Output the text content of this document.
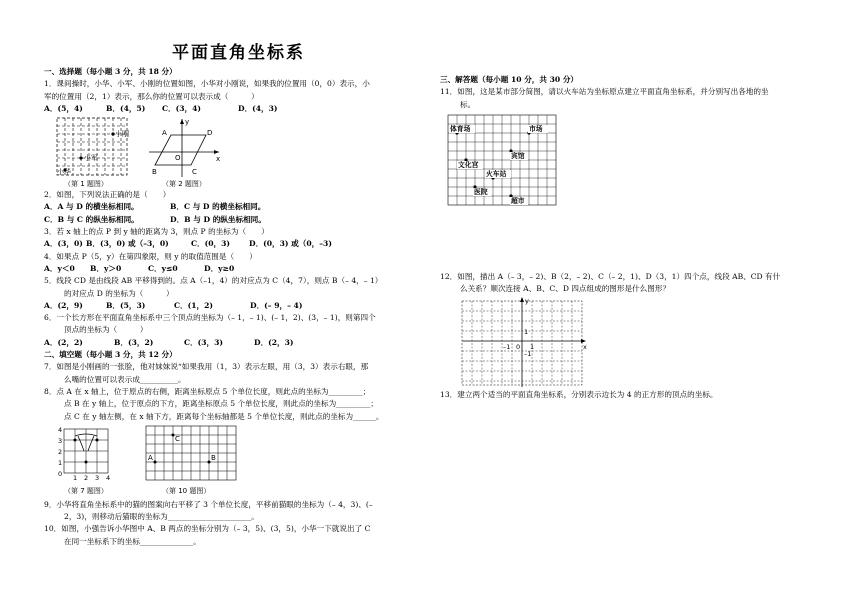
平面直角坐标系
一、选择题（每小题 3 分，共 18 分）
1．课间操时，小华、小军、小刚的位置如图，小华对小刚说，如果我的位置用（0，0）表示，小
军的位置用（2，1）表示，那么你的位置可以表示成（　　　）
A．(5，4)	B．(4，5)	C．(3，4)	D．(4，3)
小刚
小军
小华
A
B	C
D
O	x
y
（第 1 题图）	（第 2 题图）
2．如图，下列说法正确的是（　　）
A．A 与 D 的横坐标相同。	B．C 与 D 的横坐标相同。
C．B 与 C 的纵坐标相同。	D．B 与 D 的纵坐标相同。
3．若 x 轴上的点 P 到 y 轴的距离为 3，则点 P 的坐标为（　　）
A．(3，0) B．(3，0) 或（–3，0)	C．(0，3)	D．(0，3) 或（0，–3)
4．如果点 P（5，y）在第四象限，则 y 的取值范围是（　　）
A．y＜0	B．y＞0	C．y≤0	D．y≥0
5．线段 CD 是由线段 AB 平移得到的。点 A（–1，4）的对应点为 C（4，7），则点 B（– 4，– 1）
的对应点 D 的坐标为（　　　）
A．(2，9)	B．(5，3)	C．(1，2)	D．(– 9，– 4)
6．一个长方形在平面直角坐标系中三个顶点的坐标为（– 1，– 1)、(– 1，2)、(3，– 1)，则第四个
顶点的坐标为（　　　）
A．(2，2)	B．(3，2)	C．(3，3)	D．(2，3)
二、填空题（每小题 3 分，共 12 分）
7．如图是小刚画的一张脸，他对妹妹说“如果我用（1，3）表示左眼，用（3，3）表示右眼，那
么嘴的位置可以表示成__________。
8．点 A 在 x 轴上，位于原点的右侧，距离坐标原点 5 个单位长度，则此点的坐标为_________；
点 B 在 y 轴上，位于原点的下方，距离坐标原点 5 个单位长度，则此点的坐标为_________；
点 C 在 y 轴左侧，在 x 轴下方，距离每个坐标轴都是 5 个单位长度，则此点的坐标为______。
0 1 2 3 4
1
2
3
4
A	B
C
（第 7 题图）	（第 10 题图）
9．小华将直角坐标系中的猫的图案向右平移了 3 个单位长度，平移前猫眼的坐标为（– 4，3)、(–
2，3)，则移动后猫眼的坐标为______________________。
10．如图，小强告诉小华图中 A、B 两点的坐标分别为（– 3，5)、(3，5)，小华一下就说出了 C
在同一坐标系下的坐标______________。
三、解答题（每小题 10 分，共 30 分）
11．如图，这是某市部分简图，请以火车站为坐标原点建立平面直角坐标系，并分别写出各地的坐
标。
体育场	市场
宾馆
文化宫
火车站
医院
超市
12．如图，描出 A（– 3，– 2)、B（2，– 2)、C（– 2，1)、D（3，1）四个点，线段 AB、CD 有什
么关系？顺次连接 A、B、C、D 四点组成的图形是什么图形？
y
x
1
–1 0 1
–1
13．建立两个适当的平面直角坐标系，分别表示边长为 4 的正方形的顶点的坐标。
